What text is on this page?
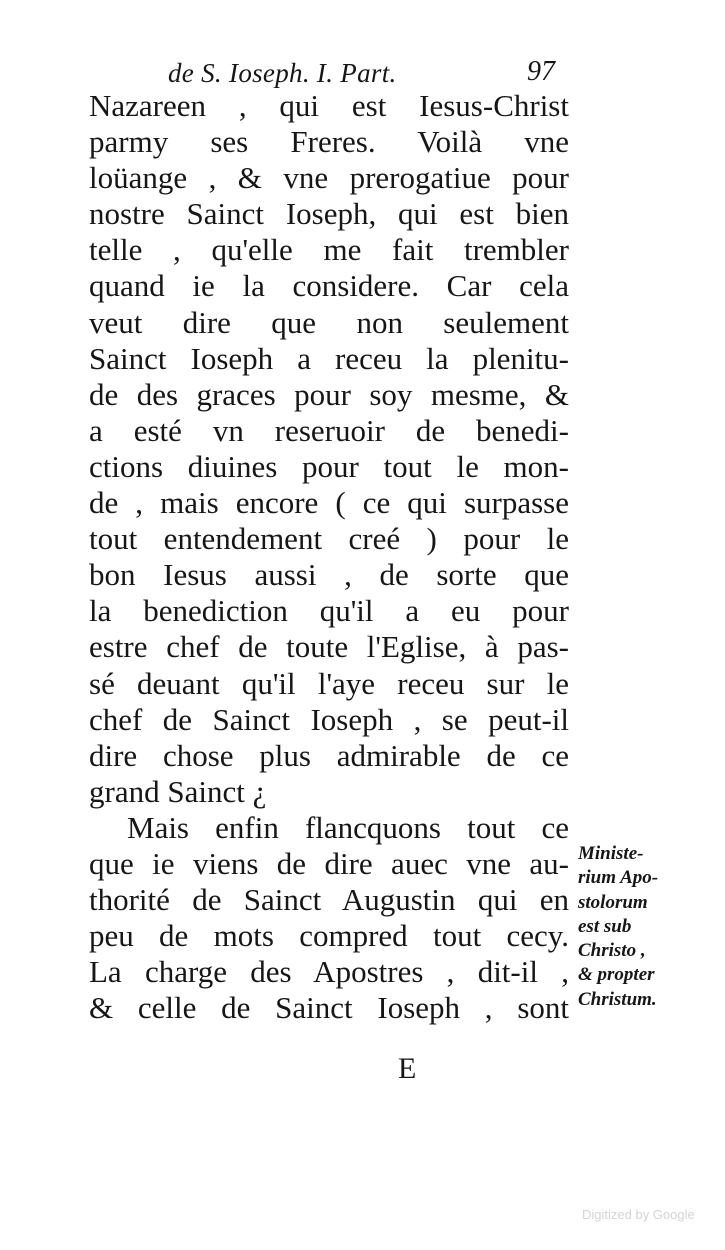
de S. Ioseph. I. Part.	97
Nazareen , qui est Iesus-Christ
parmy ses Freres. Voilà vne
loüange , & vne prerogatiue pour
nostre Sainct Ioseph, qui est bien
telle , qu'elle me fait trembler
quand ie la considere. Car cela
veut dire que non seulement
Sainct Ioseph a receu la plenitu-
de des graces pour soy mesme, &
a esté vn reseruoir de benedi-
ctions diuines pour tout le mon-
de , mais encore ( ce qui surpasse
tout entendement creé ) pour le
bon Iesus aussi , de sorte que
la benediction qu'il a eu pour
estre chef de toute l'Eglise, à pas-
sé deuant qu'il l'aye receu sur le
chef de Sainct Ioseph , se peut-il
dire chose plus admirable de ce
grand Sainct ¿
Mais enfin flancquons tout ce
que ie viens de dire auec vne au-
thorité de Sainct Augustin qui en
peu de mots compred tout cecy.
La charge des Apostres , dit-il ,
& celle de Sainct Ioseph , sont
Ministe-
rium Apo-
stolorum
est sub
Christo ,
& propter
Christum.
E
Digitized by Google
